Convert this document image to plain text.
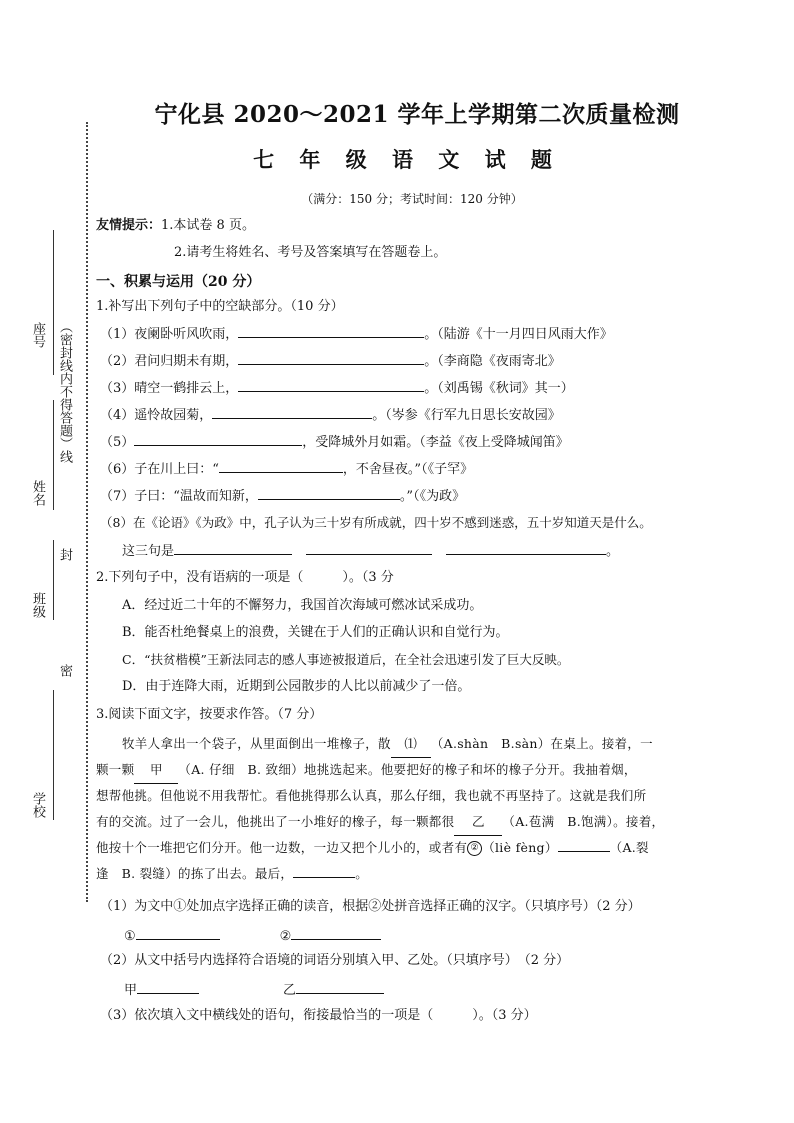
宁化县 2020～2021 学年上学期第二次质量检测
七 年 级 语 文 试 题
（满分：150 分；考试时间：120 分钟）
座号 （密封线内不得答题）
线
姓名
封
班级
密
学校
友情提示：1.本试卷 8 页。
2.请考生将姓名、考号及答案填写在答题卷上。
一、积累与运用（20 分）
1.补写出下列句子中的空缺部分。（10 分）
（1）夜阑卧听风吹雨，	。（陆游《十一月四日风雨大作》
（2）君问归期未有期，	。（李商隐《夜雨寄北》
（3）晴空一鹤排云上，	。（刘禹锡《秋词》其一）
（4）遥怜故园菊，	。（岑参《行军九日思长安故园》
（5）	，受降城外月如霜。（李益《夜上受降城闻笛》
（6）子在川上曰：“	，不舍昼夜。”（《子罕》
（7）子曰：“温故而知新，	。”（《为政》
（8）在《论语》《为政》中，孔子认为三十岁有所成就，四十岁不感到迷惑，五十岁知道天是什么。
这三句是	。
2.下列句子中，没有语病的一项是（　　　）。（3 分
A．经过近二十年的不懈努力，我国首次海域可燃冰试采成功。
B．能否杜绝餐桌上的浪费，关键在于人们的正确认识和自觉行为。
C．“扶贫楷模”王新法同志的感人事迹被报道后，在全社会迅速引发了巨大反映。
D．由于连降大雨，近期到公园散步的人比以前减少了一倍。
3.阅读下面文字，按要求作答。（7 分）
牧羊人拿出一个袋子，从里面倒出一堆橡子，散 ⑴ （A.shàn　B.sàn）在桌上。接着，一
颗一颗 甲 （A. 仔细　B. 致细）地挑选起来。他要把好的橡子和坏的橡子分开。我抽着烟，
想帮他挑。但他说不用我帮忙。看他挑得那么认真，那么仔细，我也就不再坚持了。这就是我们所
有的交流。过了一会儿，他挑出了一小堆好的橡子，每一颗都很 乙 （A.苞满　B.饱满）。接着，
他按十个一堆把它们分开。他一边数，一边又把个儿小的，或者有 ② （liè fèng）	（A.裂
逢　B. 裂缝）的拣了出去。最后，	。
（1）为文中①处加点字选择正确的读音，根据②处拼音选择正确的汉字。（只填序号）（2 分）
①	②
（2）从文中括号内选择符合语境的词语分别填入甲、乙处。（只填序号）　（2 分）
甲	乙
（3）依次填入文中横线处的语句，衔接最恰当的一项是（　　　）。（3 分）
